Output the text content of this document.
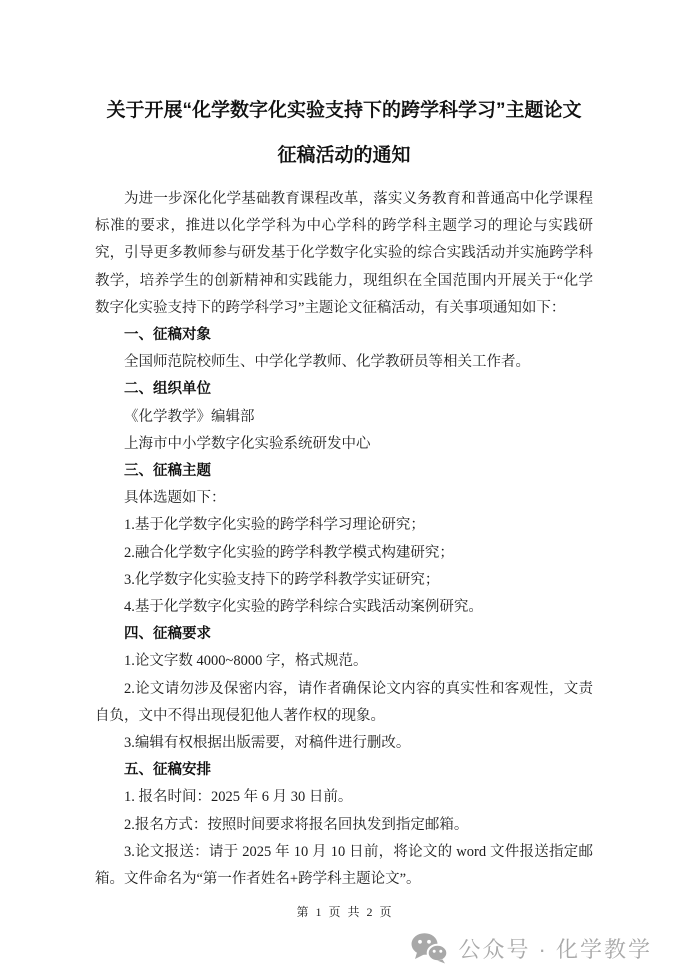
关于开展“化学数字化实验支持下的跨学科学习”主题论文
征稿活动的通知
为进一步深化化学基础教育课程改革，落实义务教育和普通高中化学课程标准的要求，推进以化学学科为中心学科的跨学科主题学习的理论与实践研究，引导更多教师参与研发基于化学数字化实验的综合实践活动并实施跨学科教学，培养学生的创新精神和实践能力，现组织在全国范围内开展关于“化学数字化实验支持下的跨学科学习”主题论文征稿活动，有关事项通知如下：
一、征稿对象
全国师范院校师生、中学化学教师、化学教研员等相关工作者。
二、组织单位
《化学教学》编辑部
上海市中小学数字化实验系统研发中心
三、征稿主题
具体选题如下：
1.基于化学数字化实验的跨学科学习理论研究；
2.融合化学数字化实验的跨学科教学模式构建研究；
3.化学数字化实验支持下的跨学科教学实证研究；
4.基于化学数字化实验的跨学科综合实践活动案例研究。
四、征稿要求
1.论文字数 4000~8000 字，格式规范。
2.论文请勿涉及保密内容，请作者确保论文内容的真实性和客观性，文责自负，文中不得出现侵犯他人著作权的现象。
3.编辑有权根据出版需要，对稿件进行删改。
五、征稿安排
1. 报名时间：2025 年 6 月 30 日前。
2.报名方式：按照时间要求将报名回执发到指定邮箱。
3.论文报送：请于 2025 年 10 月 10 日前，将论文的 word 文件报送指定邮箱。文件命名为“第一作者姓名+跨学科主题论文”。
第 1 页 共 2 页
公众号 · 化学教学
